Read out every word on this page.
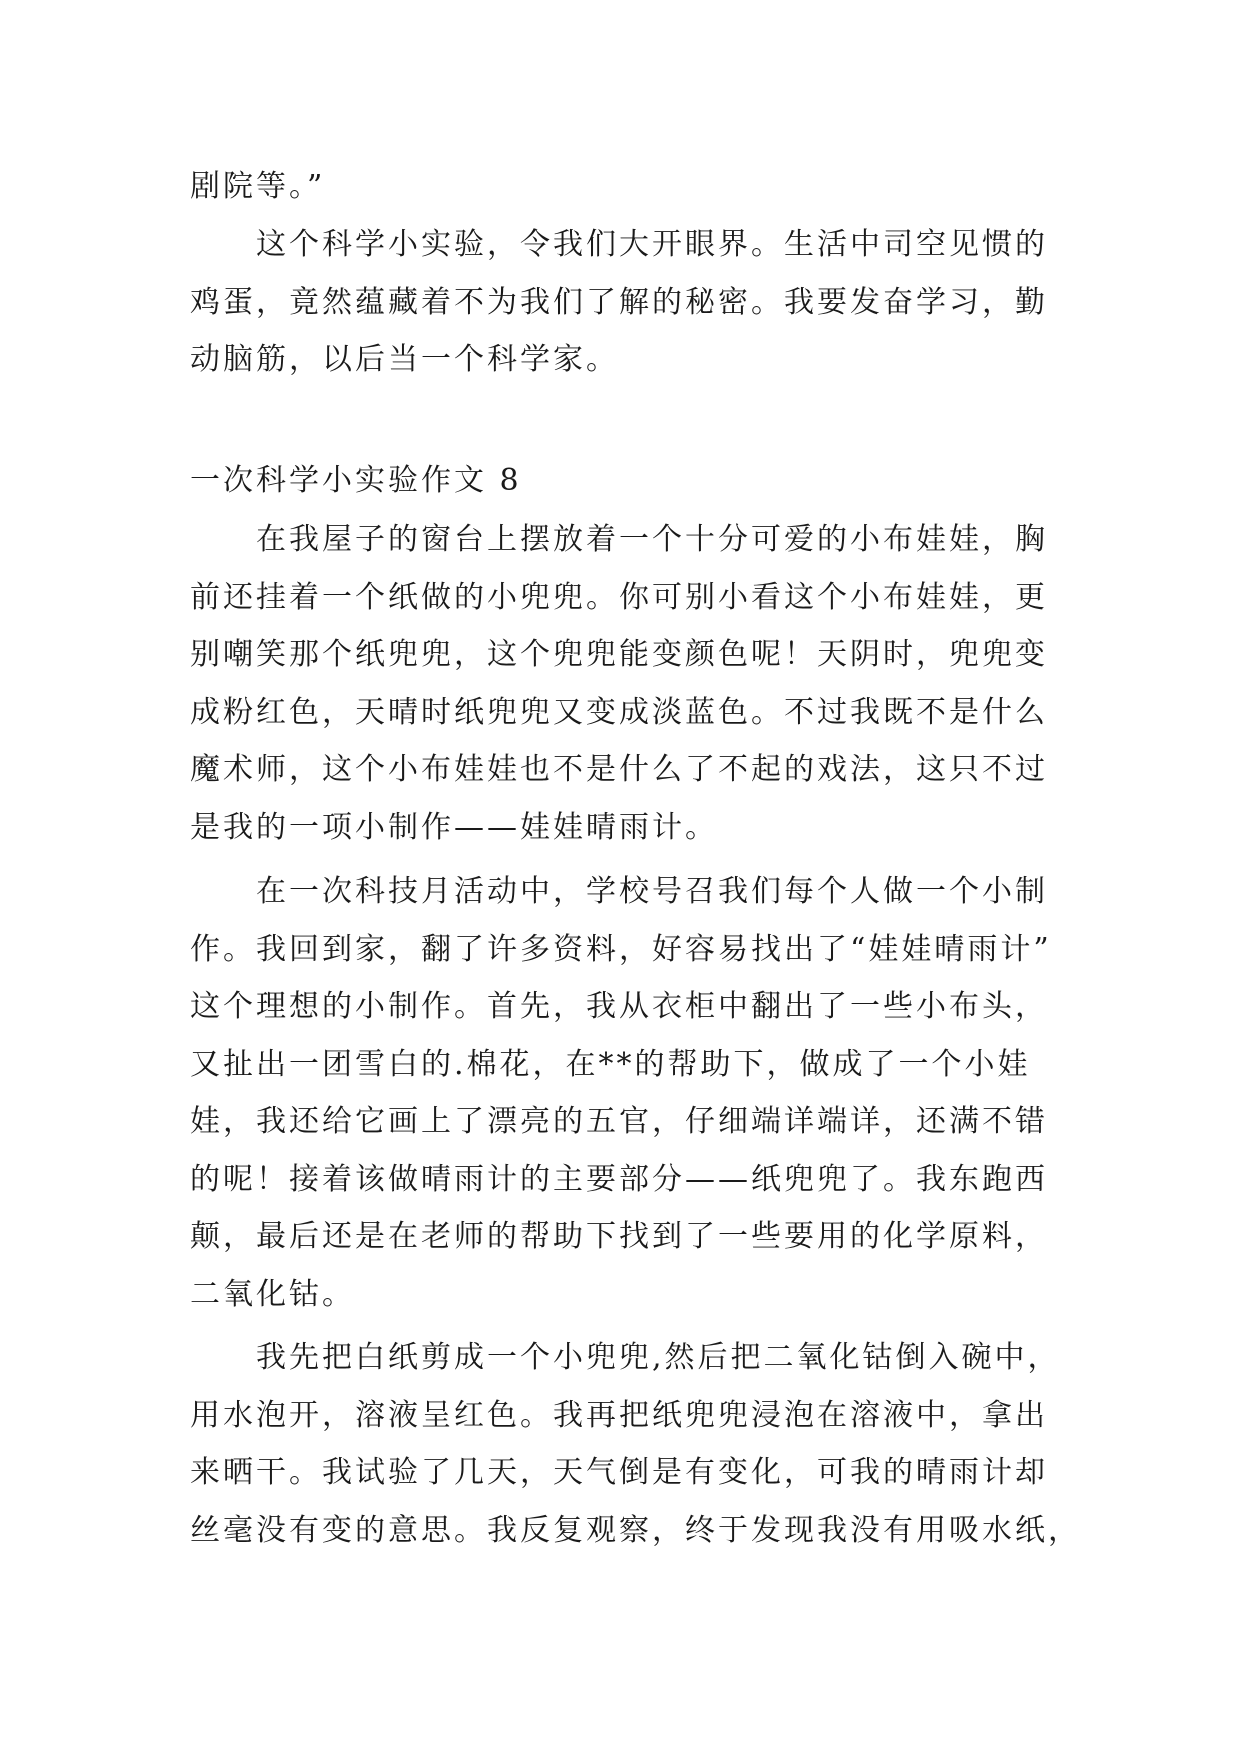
剧院等。”
这个科学小实验，令我们大开眼界。生活中司空见惯的
鸡蛋，竟然蕴藏着不为我们了解的秘密。我要发奋学习，勤
动脑筋，以后当一个科学家。
一次科学小实验作文 8
在我屋子的窗台上摆放着一个十分可爱的小布娃娃，胸
前还挂着一个纸做的小兜兜。你可别小看这个小布娃娃，更
别嘲笑那个纸兜兜，这个兜兜能变颜色呢！天阴时，兜兜变
成粉红色，天晴时纸兜兜又变成淡蓝色。不过我既不是什么
魔术师，这个小布娃娃也不是什么了不起的戏法，这只不过
是我的一项小制作——娃娃晴雨计。
在一次科技月活动中，学校号召我们每个人做一个小制
作。我回到家，翻了许多资料，好容易找出了“娃娃晴雨计”
这个理想的小制作。首先，我从衣柜中翻出了一些小布头，
又扯出一团雪白的.棉花，在**的帮助下，做成了一个小娃
娃，我还给它画上了漂亮的五官，仔细端详端详，还满不错
的呢！接着该做晴雨计的主要部分——纸兜兜了。我东跑西
颠，最后还是在老师的帮助下找到了一些要用的化学原料，
二氧化钴。
我先把白纸剪成一个小兜兜,然后把二氧化钴倒入碗中，
用水泡开，溶液呈红色。我再把纸兜兜浸泡在溶液中，拿出
来晒干。我试验了几天，天气倒是有变化，可我的晴雨计却
丝毫没有变的意思。我反复观察，终于发现我没有用吸水纸，
